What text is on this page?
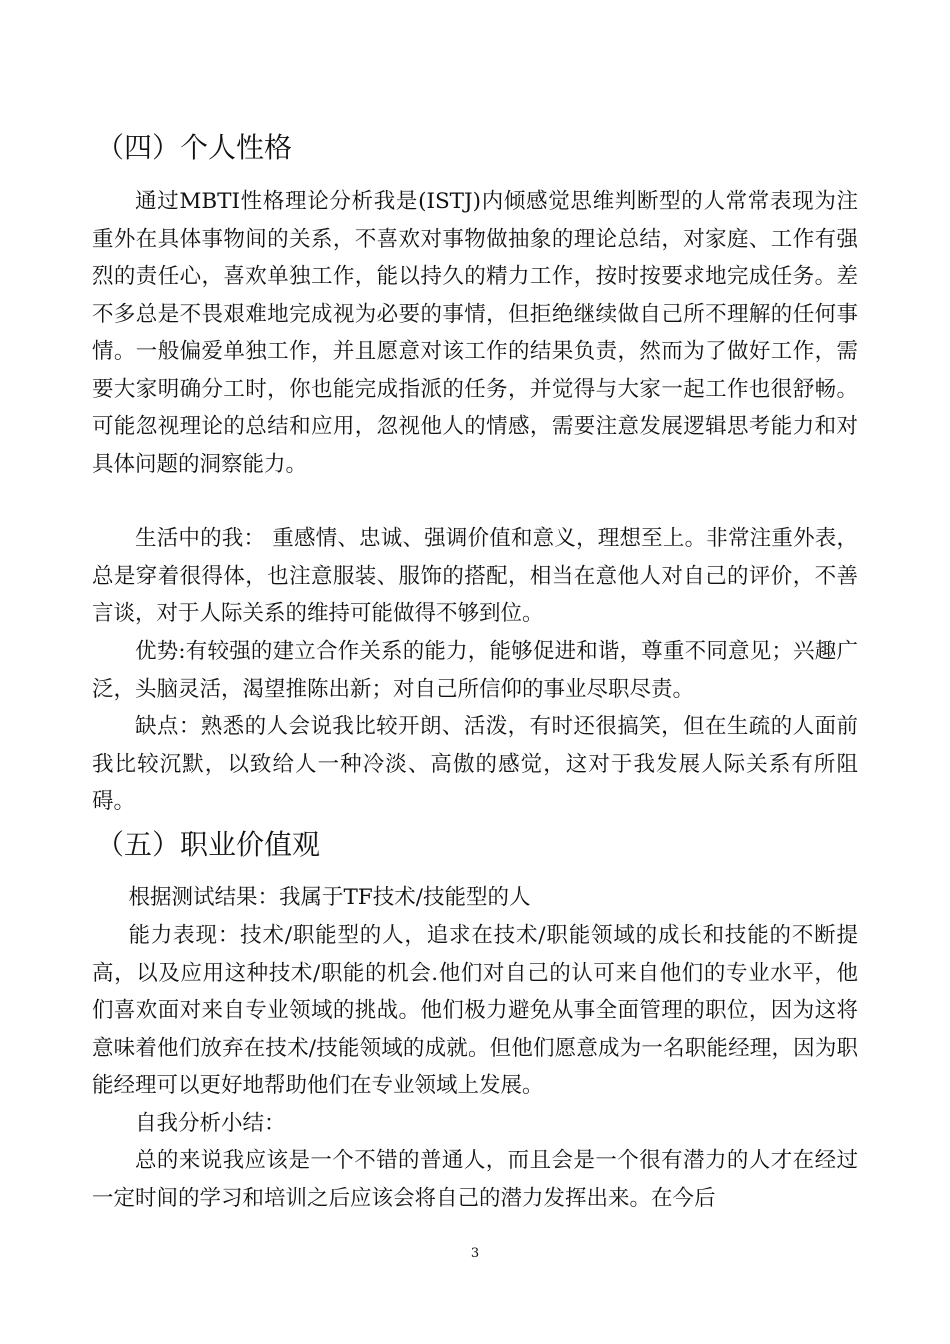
（四）个人性格

通过MBTI性格理论分析我是(ISTJ)内倾感觉思维判断型的人常常表现为注重外在具体事物间的关系，不喜欢对事物做抽象的理论总结，对家庭、工作有强烈的责任心，喜欢单独工作，能以持久的精力工作，按时按要求地完成任务。差不多总是不畏艰难地完成视为必要的事情，但拒绝继续做自己所不理解的任何事情。一般偏爱单独工作，并且愿意对该工作的结果负责，然而为了做好工作，需要大家明确分工时，你也能完成指派的任务，并觉得与大家一起工作也很舒畅。可能忽视理论的总结和应用，忽视他人的情感，需要注意发展逻辑思考能力和对具体问题的洞察能力。

生活中的我： 重感情、忠诚、强调价值和意义，理想至上。非常注重外表，总是穿着很得体，也注意服装、服饰的搭配，相当在意他人对自己的评价，不善言谈，对于人际关系的维持可能做得不够到位。

优势:有较强的建立合作关系的能力，能够促进和谐，尊重不同意见；兴趣广泛，头脑灵活，渴望推陈出新；对自己所信仰的事业尽职尽责。

缺点：熟悉的人会说我比较开朗、活泼，有时还很搞笑，但在生疏的人面前我比较沉默，以致给人一种冷淡、高傲的感觉，这对于我发展人际关系有所阻碍。

（五）职业价值观

根据测试结果：我属于TF技术/技能型的人

能力表现：技术/职能型的人，追求在技术/职能领域的成长和技能的不断提高，以及应用这种技术/职能的机会.他们对自己的认可来自他们的专业水平，他们喜欢面对来自专业领域的挑战。他们极力避免从事全面管理的职位，因为这将意味着他们放弃在技术/技能领域的成就。但他们愿意成为一名职能经理，因为职能经理可以更好地帮助他们在专业领域上发展。

自我分析小结：

总的来说我应该是一个不错的普通人，而且会是一个很有潜力的人才在经过一定时间的学习和培训之后应该会将自己的潜力发挥出来。在今后

3
